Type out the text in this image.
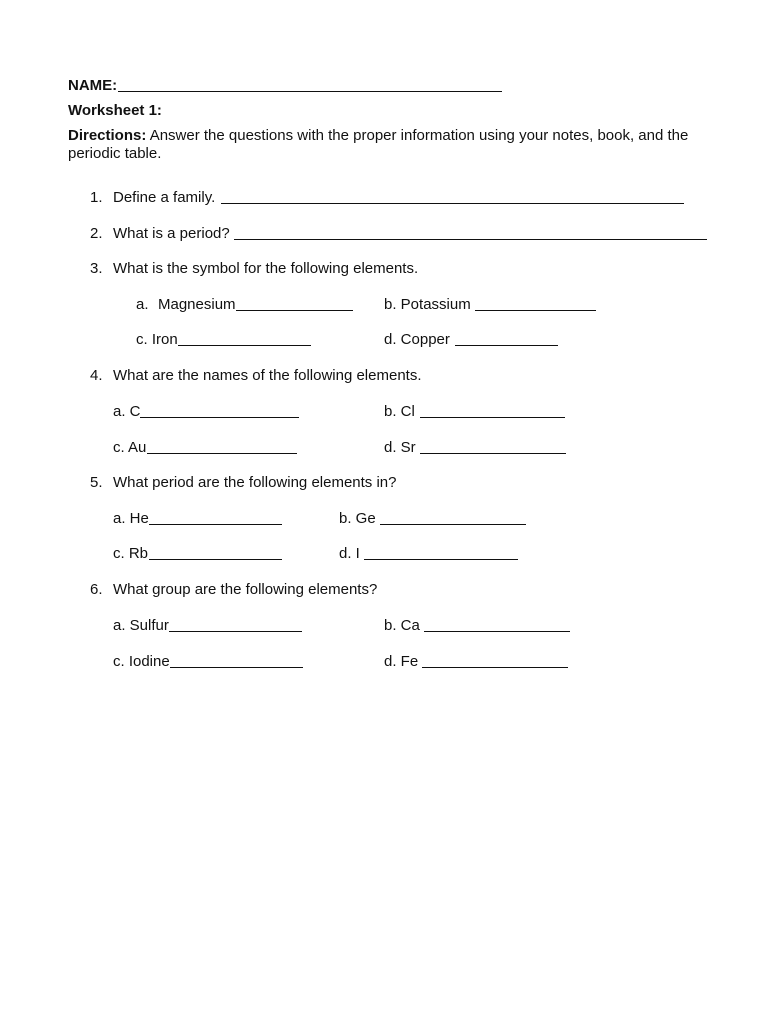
NAME:
Worksheet 1:
Directions: Answer the questions with the proper information using your notes, book, and the periodic table.
1. Define a family.
2. What is a period?
3. What is the symbol for the following elements.
a. Magnesium	b. Potassium
c. Iron	d. Copper
4. What are the names of the following elements.
a. C	b. Cl
c. Au	d. Sr
5. What period are the following elements in?
a. He	b. Ge
c. Rb	d. I
6. What group are the following elements?
a. Sulfur	b. Ca
c. Iodine	d. Fe
